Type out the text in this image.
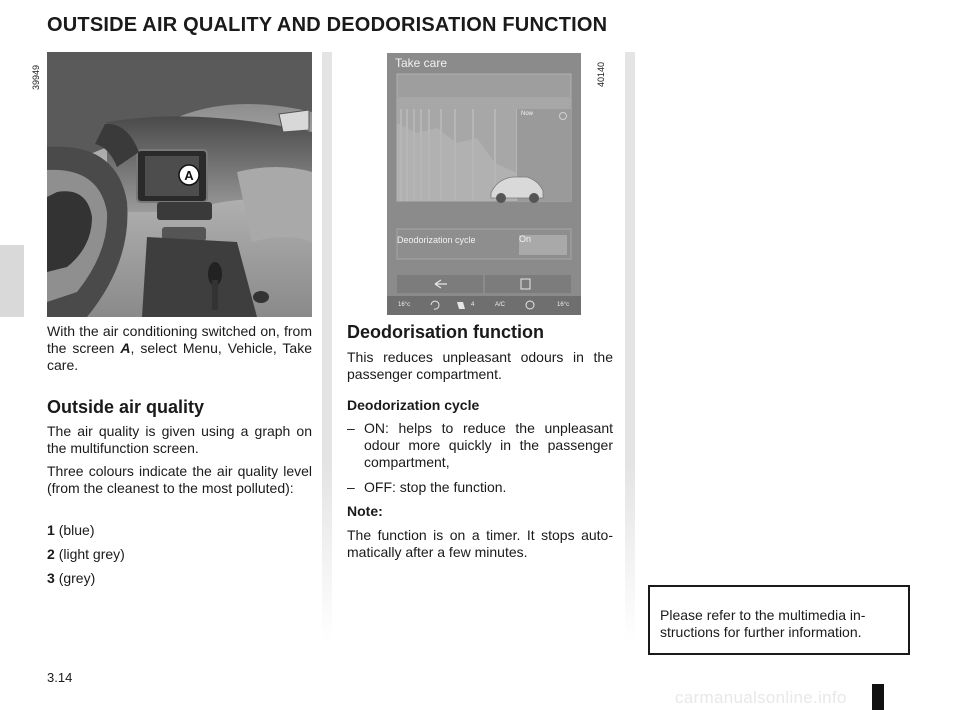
OUTSIDE AIR QUALITY AND DEODORISATION FUNCTION
39949
A
40140
Take care
Now
Deodorization cycle	On
16°c	4	A/C	16°c

With the air conditioning switched on, from the screen A, select Menu, Vehicle, Take care.

Outside air quality

The air quality is given using a graph on the multifunction screen.

Three colours indicate the air quality level (from the cleanest to the most polluted):

1 (blue)

2 (light grey)

3 (grey)

Deodorisation function

This reduces unpleasant odours in the passenger compartment.

Deodorization cycle

– ON: helps to reduce the unpleasant odour more quickly in the passenger compartment,

– OFF: stop the function.

Note:

The function is on a timer. It stops auto-matically after a few minutes.

Please refer to the multimedia in-structions for further information.

3.14
carmanualsonline.info
